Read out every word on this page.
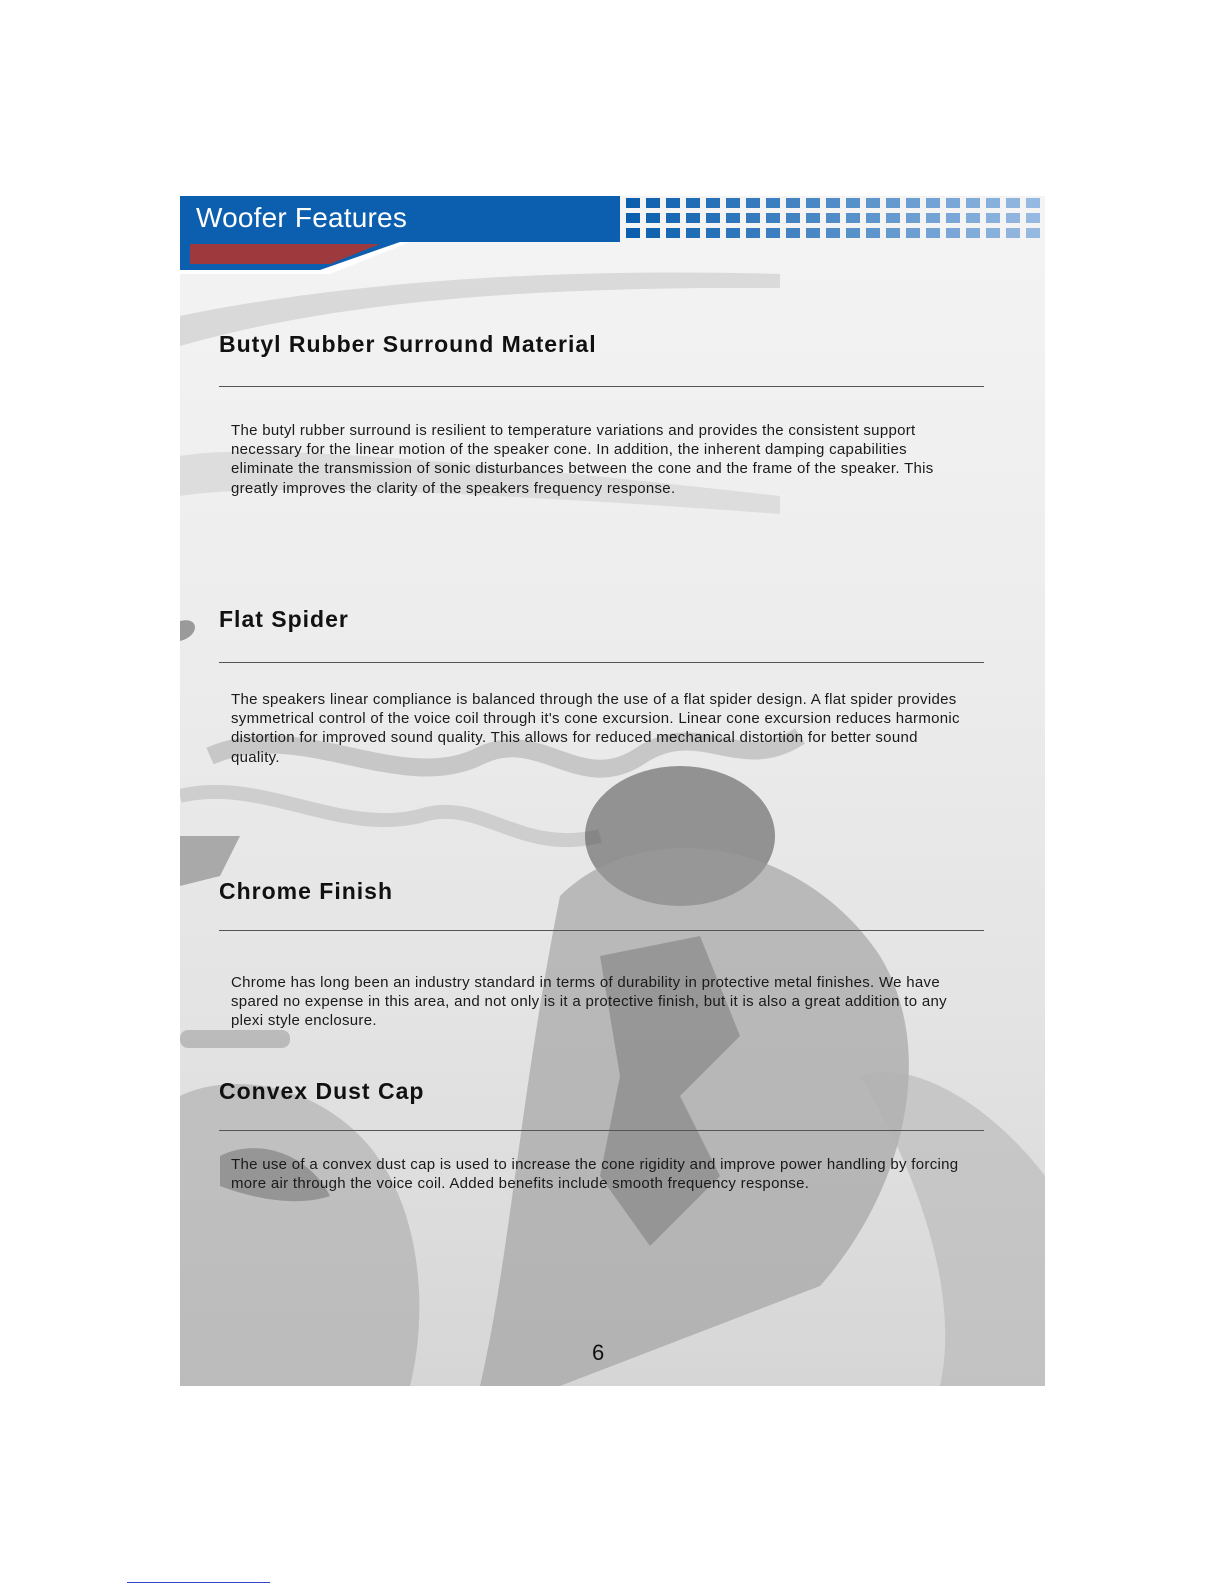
Woofer Features
Butyl Rubber Surround Material

The butyl rubber surround is resilient to temperature variations and provides the consistent support necessary for the linear motion of the speaker cone. In addition, the inherent damping capabilities eliminate the transmission of sonic disturbances between the cone and the frame of the speaker. This greatly improves the clarity of the speakers frequency response.

Flat Spider

The speakers linear compliance is balanced through the use of a flat spider design. A flat spider provides symmetrical control of the voice coil through it's cone excursion. Linear cone excursion reduces harmonic distortion for improved sound quality. This allows for reduced mechanical distortion for better sound quality.

Chrome Finish

Chrome has long been an industry standard in terms of durability in protective metal finishes. We have spared no expense in this area, and not only is it a protective finish, but it is also a great addition to any plexi style enclosure.

Convex Dust Cap

The use of a convex dust cap is used to increase the cone rigidity and improve power handling by forcing more air through the voice coil. Added benefits include smooth frequency response.

6
